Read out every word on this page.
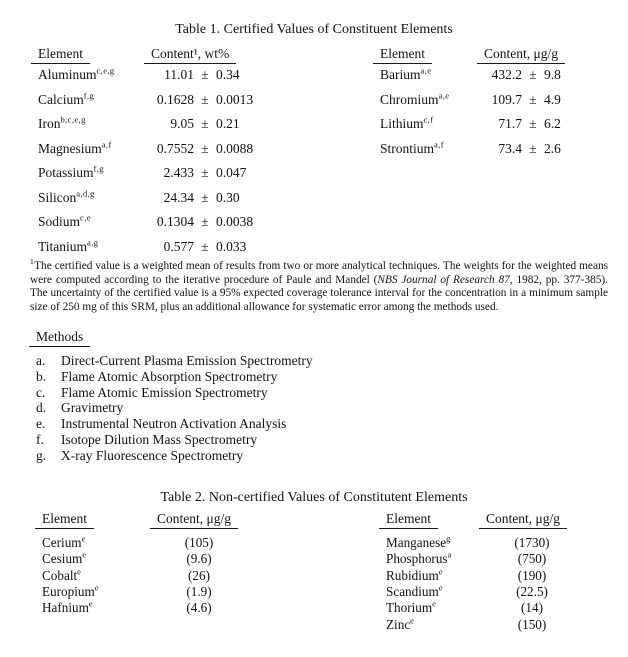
Table 1. Certified Values of Constituent Elements
Element	Content¹, wt%	Element	Content, μg/g
Aluminum$^{c,e,g}$	11.01 ± 0.34
Calcium$^{f,g}$	0.1628 ± 0.0013
Iron$^{b,c,e,g}$	9.05 ± 0.21
Magnesium$^{a,f}$	0.7552 ± 0.0088
Potassium$^{f,g}$	2.433 ± 0.047
Silicon$^{a,d,g}$	24.34 ± 0.30
Sodium$^{c,e}$	0.1304 ± 0.0038
Titanium$^{a,g}$	0.577 ± 0.033
Barium$^{a,e}$	432.2 ± 9.8
Chromium$^{a,e}$	109.7 ± 4.9
Lithium$^{c,f}$	71.7 ± 6.2
Strontium$^{a,f}$	73.4 ± 2.6

$^1$The certified value is a weighted mean of results from two or more analytical techniques. The weights for the weighted means were computed according to the iterative procedure of Paule and Mandel (NBS Journal of Research 87, 1982, pp. 377-385). The uncertainty of the certified value is a 95% expected coverage tolerance interval for the concentration in a minimum sample size of 250 mg of this SRM, plus an additional allowance for systematic error among the methods used.

Methods
a.	Direct-Current Plasma Emission Spectrometry
b.	Flame Atomic Absorption Spectrometry
c.	Flame Atomic Emission Spectrometry
d.	Gravimetry
e.	Instrumental Neutron Activation Analysis
f.	Isotope Dilution Mass Spectrometry
g.	X-ray Fluorescence Spectrometry
Table 2. Non-certified Values of Constitutent Elements
Element	Content, μg/g	Element	Content, μg/g
Cerium$^e$	(105)
Cesium$^e$	(9.6)
Cobalt$^e$	(26)
Europium$^e$	(1.9)
Hafnium$^e$	(4.6)
Manganese$^g$	(1730)
Phosphorus$^a$	(750)
Rubidium$^e$	(190)
Scandium$^e$	(22.5)
Thorium$^e$	(14)
Zinc$^e$	(150)
